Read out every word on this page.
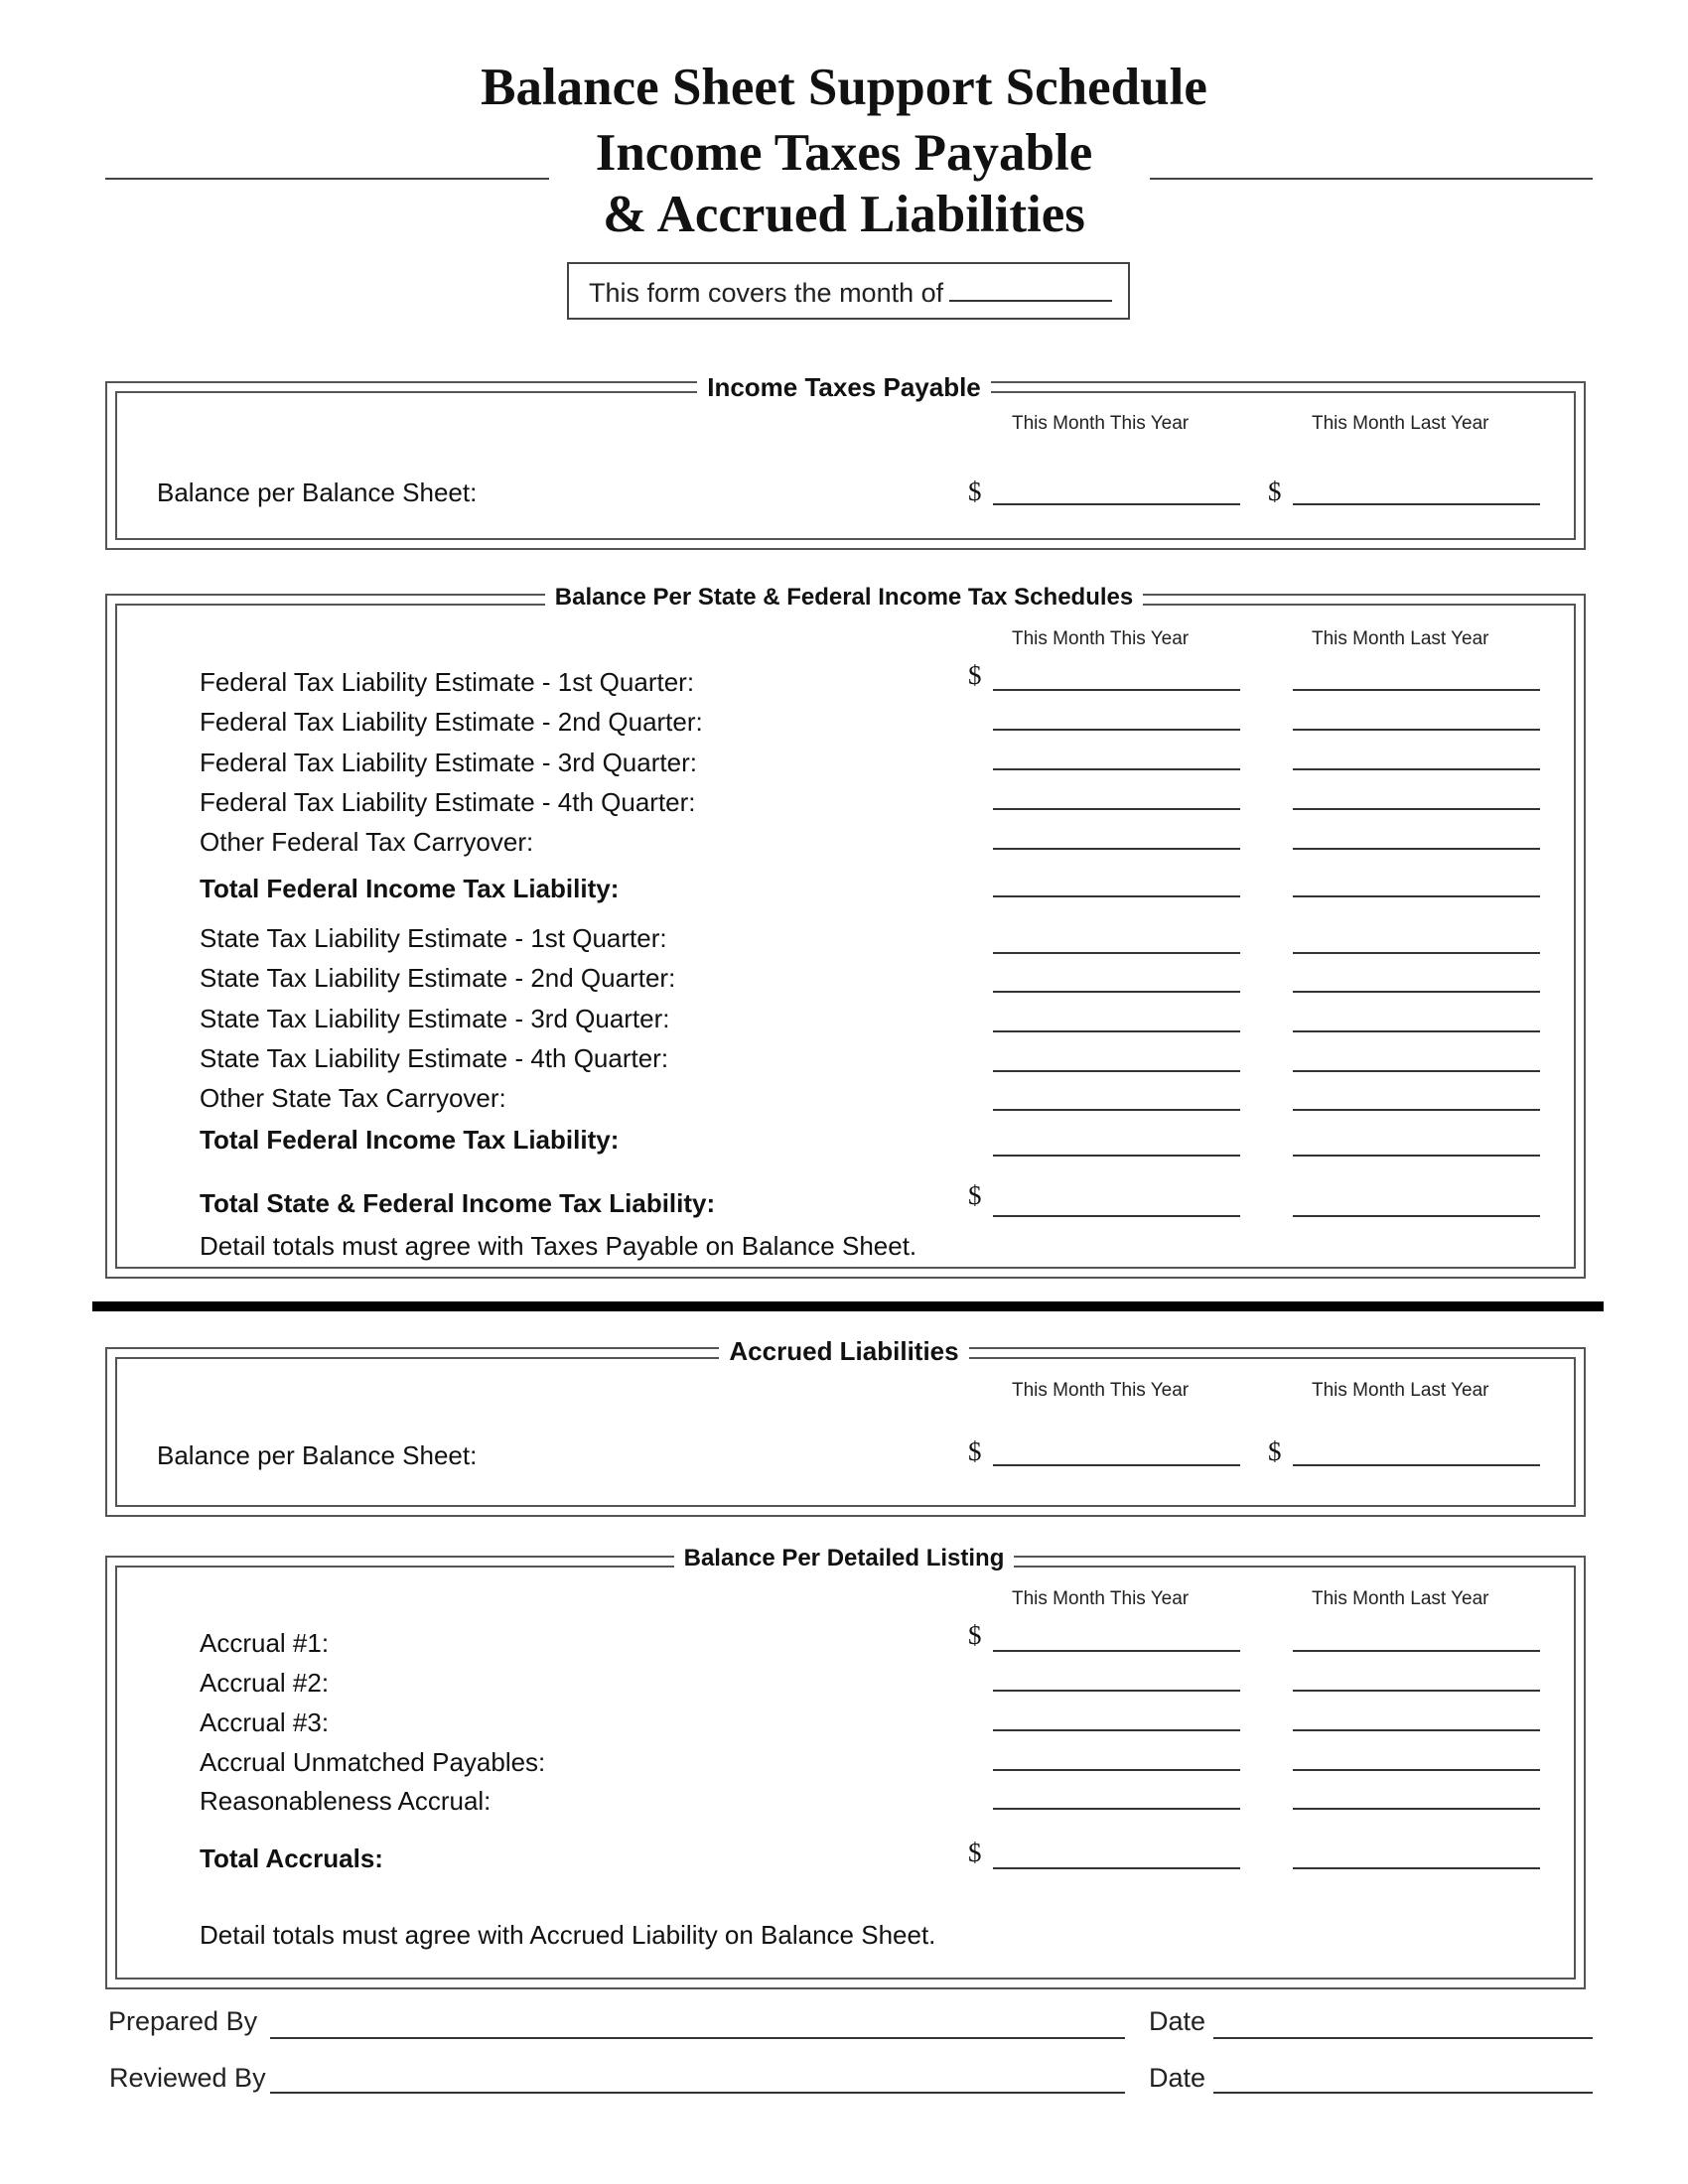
Balance Sheet Support Schedule
Income Taxes Payable
& Accrued Liabilities
This form covers the month of
Income Taxes Payable
This Month This Year	This Month Last Year
Balance per Balance Sheet:	$	$
Balance Per State & Federal Income Tax Schedules
This Month This Year	This Month Last Year
Federal Tax Liability Estimate - 1st Quarter:	$
Federal Tax Liability Estimate - 2nd Quarter:
Federal Tax Liability Estimate - 3rd Quarter:
Federal Tax Liability Estimate - 4th Quarter:
Other Federal Tax Carryover:
Total Federal Income Tax Liability:
State Tax Liability Estimate - 1st Quarter:
State Tax Liability Estimate - 2nd Quarter:
State Tax Liability Estimate - 3rd Quarter:
State Tax Liability Estimate - 4th Quarter:
Other State Tax Carryover:
Total Federal Income Tax Liability:
Total State & Federal Income Tax Liability:	$
Detail totals must agree with Taxes Payable on Balance Sheet.
Accrued Liabilities
This Month This Year	This Month Last Year
Balance per Balance Sheet:	$	$
Balance Per Detailed Listing
This Month This Year	This Month Last Year
Accrual #1:	$
Accrual #2:
Accrual #3:
Accrual Unmatched Payables:
Reasonableness Accrual:
Total Accruals:	$
Detail totals must agree with Accrued Liability on Balance Sheet.
Prepared By	Date
Reviewed By	Date
